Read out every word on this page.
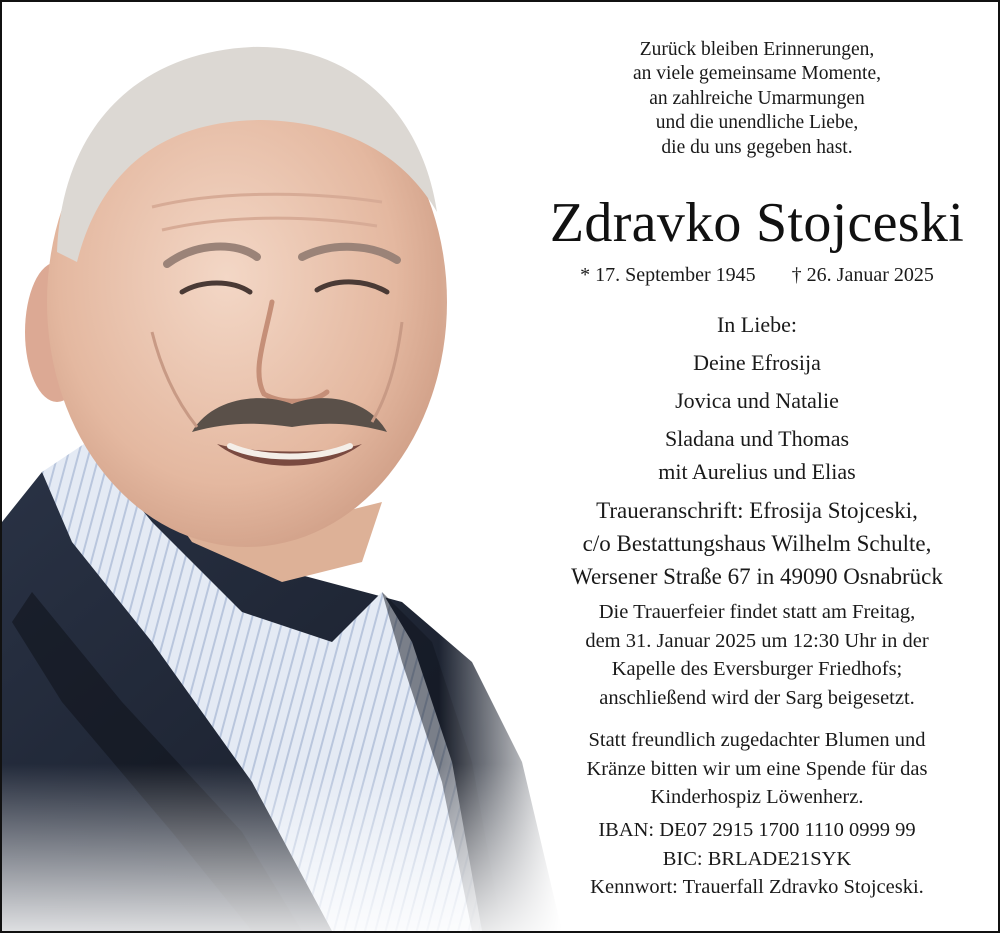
Zurück bleiben Erinnerungen,
an viele gemeinsame Momente,
an zahlreiche Umarmungen
und die unendliche Liebe,
die du uns gegeben hast.
Zdravko Stojceski
* 17. September 1945 † 26. Januar 2025
In Liebe:
Deine Efrosija
Jovica und Natalie
Sladana und Thomas
mit Aurelius und Elias
Traueranschrift: Efrosija Stojceski,
c/o Bestattungshaus Wilhelm Schulte,
Wersener Straße 67 in 49090 Osnabrück
Die Trauerfeier findet statt am Freitag,
dem 31. Januar 2025 um 12:30 Uhr in der
Kapelle des Eversburger Friedhofs;
anschließend wird der Sarg beigesetzt.
Statt freundlich zugedachter Blumen und
Kränze bitten wir um eine Spende für das
Kinderhospiz Löwenherz.
IBAN: DE07 2915 1700 1110 0999 99
BIC: BRLADE21SYK
Kennwort: Trauerfall Zdravko Stojceski.
